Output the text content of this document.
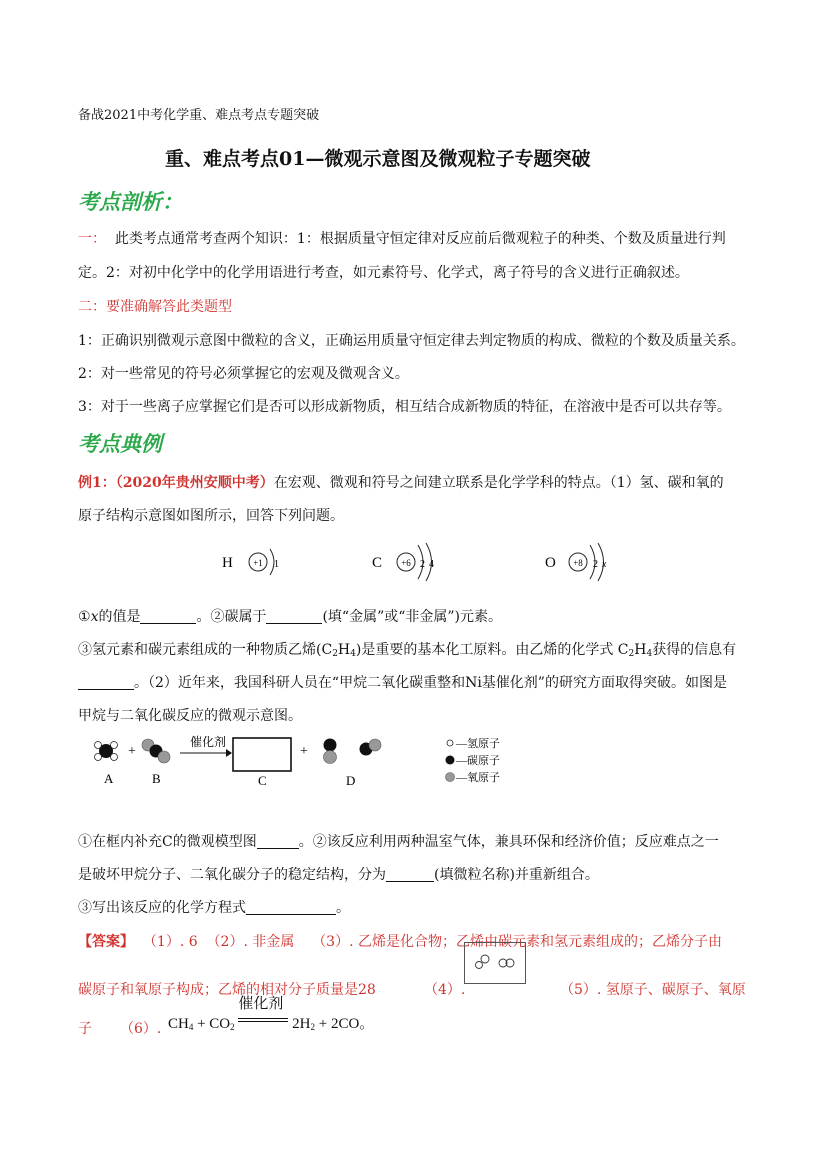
备战2021中考化学重、难点考点专题突破
重、难点考点01—微观示意图及微观粒子专题突破
考点剖析：
一： 此类考点通常考查两个知识：1：根据质量守恒定律对反应前后微观粒子的种类、个数及质量进行判
定。2：对初中化学中的化学用语进行考查，如元素符号、化学式，离子符号的含义进行正确叙述。
二：要准确解答此类题型
1：正确识别微观示意图中微粒的含义，正确运用质量守恒定律去判定物质的构成、微粒的个数及质量关系。
2：对一些常见的符号必须掌握它的宏观及微观含义。
3：对于一些离子应掌握它们是否可以形成新物质，相互结合成新物质的特征，在溶液中是否可以共存等。
考点典例
例1：（2020年贵州安顺中考）在宏观、微观和符号之间建立联系是化学学科的特点。（1）氢、碳和氧的
原子结构示意图如图所示，回答下列问题。
H +1 1	C +6 2 4	O +8 2 x
①x的值是	。②碳属于	(填“金属”或“非金属”)元素。
③氢元素和碳元素组成的一种物质乙烯$(C_2H_4)$是重要的基本化工原料。由乙烯的化学式 $C_2H_4$获得的信息有
。（2）近年来，我国科研人员在“甲烷二氧化碳重整和Ni基催化剂”的研究方面取得突破。如图是
甲烷与二氧化碳反应的微观示意图。
A
+
B
催化剂
C
+
D
—氢原子
—碳原子
—氧原子
①在框内补充C的微观模型图	。②该反应利用两种温室气体，兼具环保和经济价值；反应难点之一
是破坏甲烷分子、二氧化碳分子的稳定结构，分为	(填微粒名称)并重新组合。
③写出该反应的化学方程式	。
【答案】 （1）. 6 （2）. 非金属 （3）. 乙烯是化合物；乙烯由碳元素和氢元素组成的；乙烯分子由
碳原子和氧原子构成；乙烯的相对分子质量是28	（4）.	（5）. 氢原子、碳原子、氧原
子 （6）. $CH_4 + CO_2$
催化剂
$2H_2 + 2CO$。
